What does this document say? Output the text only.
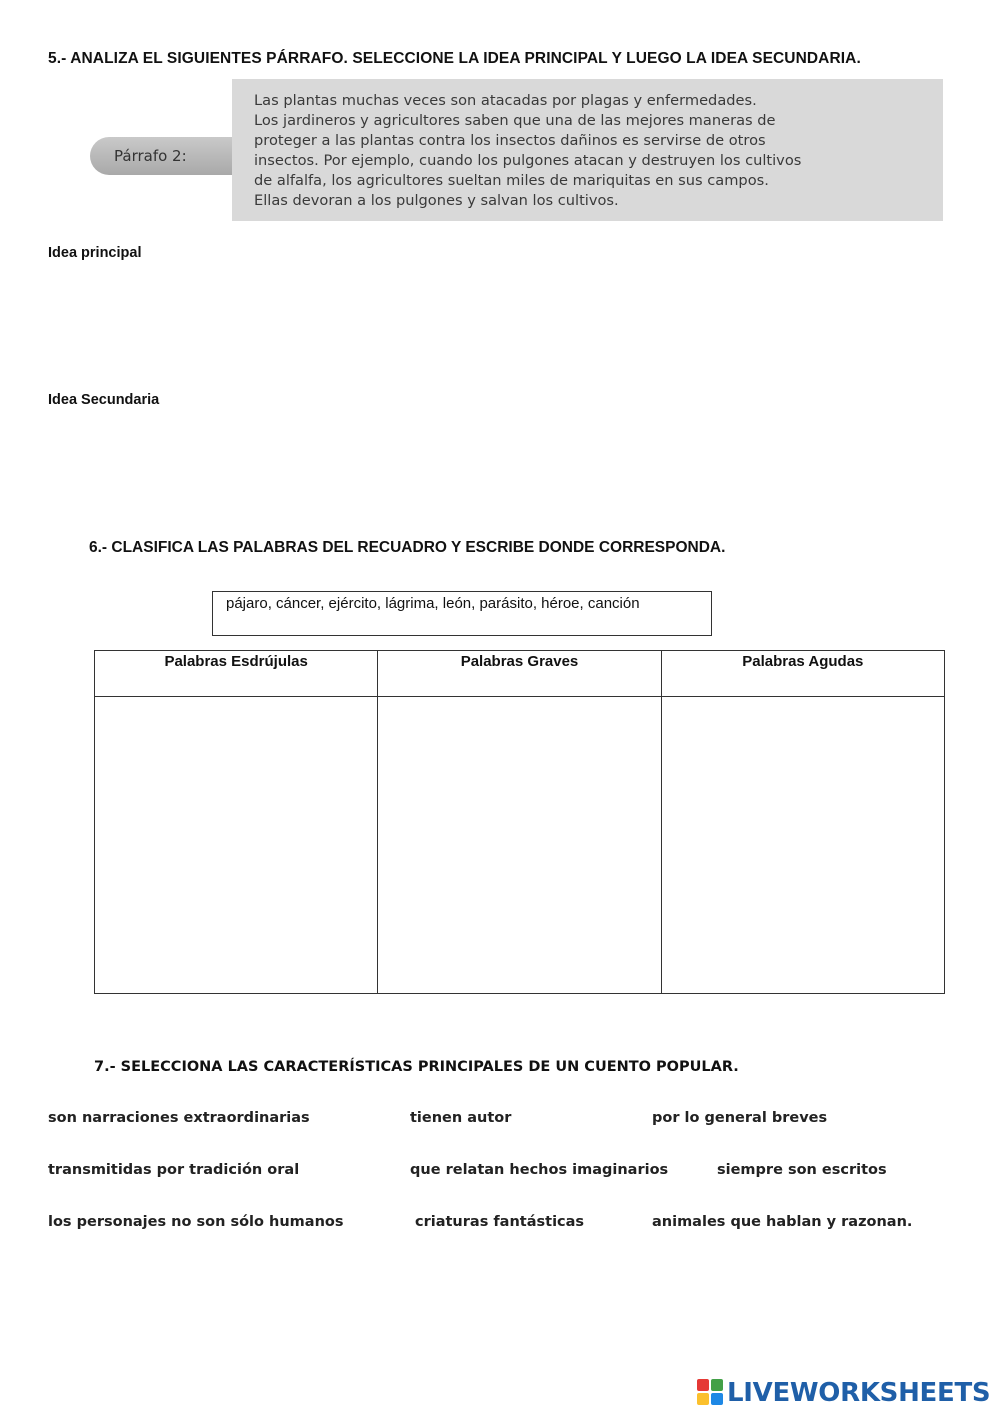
5.- ANALIZA EL SIGUIENTES PÁRRAFO. SELECCIONE LA IDEA PRINCIPAL Y LUEGO LA IDEA SECUNDARIA.
Párrafo 2:
Las plantas muchas veces son atacadas por plagas y enfermedades.
Los jardineros y agricultores saben que una de las mejores maneras de
proteger a las plantas contra los insectos dañinos es servirse de otros
insectos. Por ejemplo, cuando los pulgones atacan y destruyen los cultivos
de alfalfa, los agricultores sueltan miles de mariquitas en sus campos.
Ellas devoran a los pulgones y salvan los cultivos.
Idea principal
Idea Secundaria
6.- CLASIFICA LAS PALABRAS DEL RECUADRO Y ESCRIBE DONDE CORRESPONDA.
pájaro, cáncer, ejército, lágrima, león, parásito, héroe, canción
Palabras Esdrújulas	Palabras Graves	Palabras Agudas

7.- SELECCIONA LAS CARACTERÍSTICAS PRINCIPALES DE UN CUENTO POPULAR.
son narraciones extraordinarias	tienen autor	por lo general breves
transmitidas por tradición oral	que relatan hechos imaginarios	siempre son escritos
los personajes no son sólo humanos	criaturas fantásticas	animales que hablan y razonan.
LIVEWORKSHEETS
